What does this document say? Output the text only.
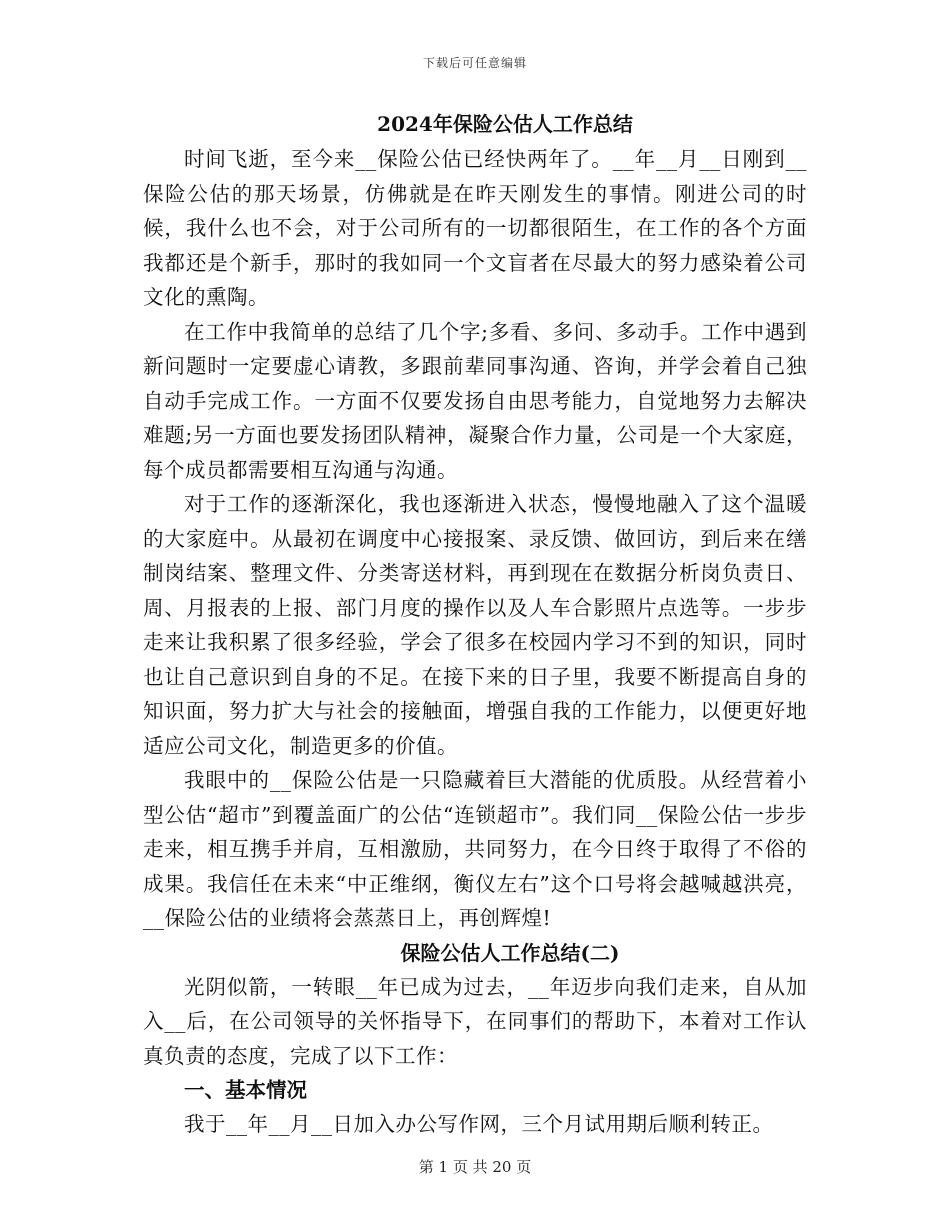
下载后可任意编辑
2024年保险公估人工作总结

时间飞逝，至今来__保险公估已经快两年了。__年__月__日刚到__保险公估的那天场景，仿佛就是在昨天刚发生的事情。刚进公司的时候，我什么也不会，对于公司所有的一切都很陌生，在工作的各个方面我都还是个新手，那时的我如同一个文盲者在尽最大的努力感染着公司文化的熏陶。

在工作中我简单的总结了几个字;多看、多问、多动手。工作中遇到新问题时一定要虚心请教，多跟前辈同事沟通、咨询，并学会着自己独自动手完成工作。一方面不仅要发扬自由思考能力，自觉地努力去解决难题;另一方面也要发扬团队精神，凝聚合作力量，公司是一个大家庭，每个成员都需要相互沟通与沟通。

对于工作的逐渐深化，我也逐渐进入状态，慢慢地融入了这个温暖的大家庭中。从最初在调度中心接报案、录反馈、做回访，到后来在缮制岗结案、整理文件、分类寄送材料，再到现在在数据分析岗负责日、周、月报表的上报、部门月度的操作以及人车合影照片点选等。一步步走来让我积累了很多经验，学会了很多在校园内学习不到的知识，同时也让自己意识到自身的不足。在接下来的日子里，我要不断提高自身的知识面，努力扩大与社会的接触面，增强自我的工作能力，以便更好地适应公司文化，制造更多的价值。

我眼中的__保险公估是一只隐藏着巨大潜能的优质股。从经营着小型公估“超市”到覆盖面广的公估“连锁超市”。我们同__保险公估一步步走来，相互携手并肩，互相激励，共同努力，在今日终于取得了不俗的成果。我信任在未来“中正维纲，衡仪左右”这个口号将会越喊越洪亮，__保险公估的业绩将会蒸蒸日上，再创辉煌!

保险公估人工作总结(二)

光阴似箭，一转眼__年已成为过去，__年迈步向我们走来，自从加入__后，在公司领导的关怀指导下，在同事们的帮助下，本着对工作认真负责的态度，完成了以下工作：

一、基本情况

我于__年__月__日加入办公写作网，三个月试用期后顺利转正。

第 1 页 共 20 页
